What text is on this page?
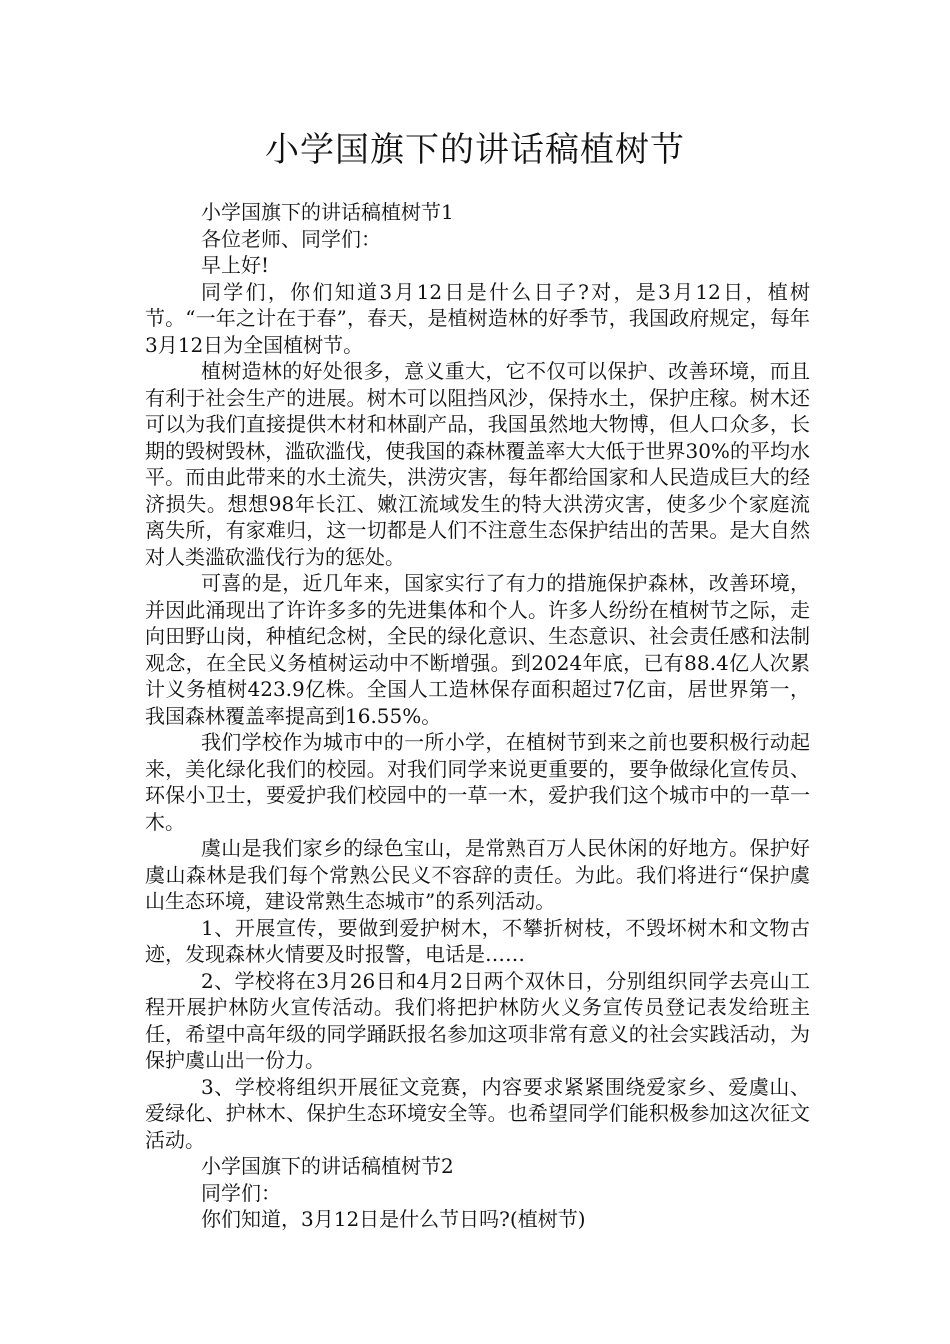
小学国旗下的讲话稿植树节

小学国旗下的讲话稿植树节1

各位老师、同学们：

早上好!

同学们，你们知道3月12日是什么日子?对，是3月12日，植树节。“一年之计在于春”，春天，是植树造林的好季节，我国政府规定，每年3月12日为全国植树节。

植树造林的好处很多，意义重大，它不仅可以保护、改善环境，而且有利于社会生产的进展。树木可以阻挡风沙，保持水土，保护庄稼。树木还可以为我们直接提供木材和林副产品，我国虽然地大物博，但人口众多，长期的毁树毁林，滥砍滥伐，使我国的森林覆盖率大大低于世界30%的平均水平。而由此带来的水土流失，洪涝灾害，每年都给国家和人民造成巨大的经济损失。想想98年长江、嫩江流域发生的特大洪涝灾害，使多少个家庭流离失所，有家难归，这一切都是人们不注意生态保护结出的苦果。是大自然对人类滥砍滥伐行为的惩处。

可喜的是，近几年来，国家实行了有力的措施保护森林，改善环境，并因此涌现出了许许多多的先进集体和个人。许多人纷纷在植树节之际，走向田野山岗，种植纪念树，全民的绿化意识、生态意识、社会责任感和法制观念，在全民义务植树运动中不断增强。到2024年底，已有88.4亿人次累计义务植树423.9亿株。全国人工造林保存面积超过7亿亩，居世界第一，我国森林覆盖率提高到16.55%。

我们学校作为城市中的一所小学，在植树节到来之前也要积极行动起来，美化绿化我们的校园。对我们同学来说更重要的，要争做绿化宣传员、环保小卫士，要爱护我们校园中的一草一木，爱护我们这个城市中的一草一木。

虞山是我们家乡的绿色宝山，是常熟百万人民休闲的好地方。保护好虞山森林是我们每个常熟公民义不容辞的责任。为此。我们将进行“保护虞山生态环境，建设常熟生态城市”的系列活动。

1、开展宣传，要做到爱护树木，不攀折树枝，不毁坏树木和文物古迹，发现森林火情要及时报警，电话是……

2、学校将在3月26日和4月2日两个双休日，分别组织同学去亮山工程开展护林防火宣传活动。我们将把护林防火义务宣传员登记表发给班主任，希望中高年级的同学踊跃报名参加这项非常有意义的社会实践活动，为保护虞山出一份力。

3、学校将组织开展征文竞赛，内容要求紧紧围绕爱家乡、爱虞山、爱绿化、护林木、保护生态环境安全等。也希望同学们能积极参加这次征文活动。

小学国旗下的讲话稿植树节2

同学们：

你们知道，3月12日是什么节日吗?(植树节)
